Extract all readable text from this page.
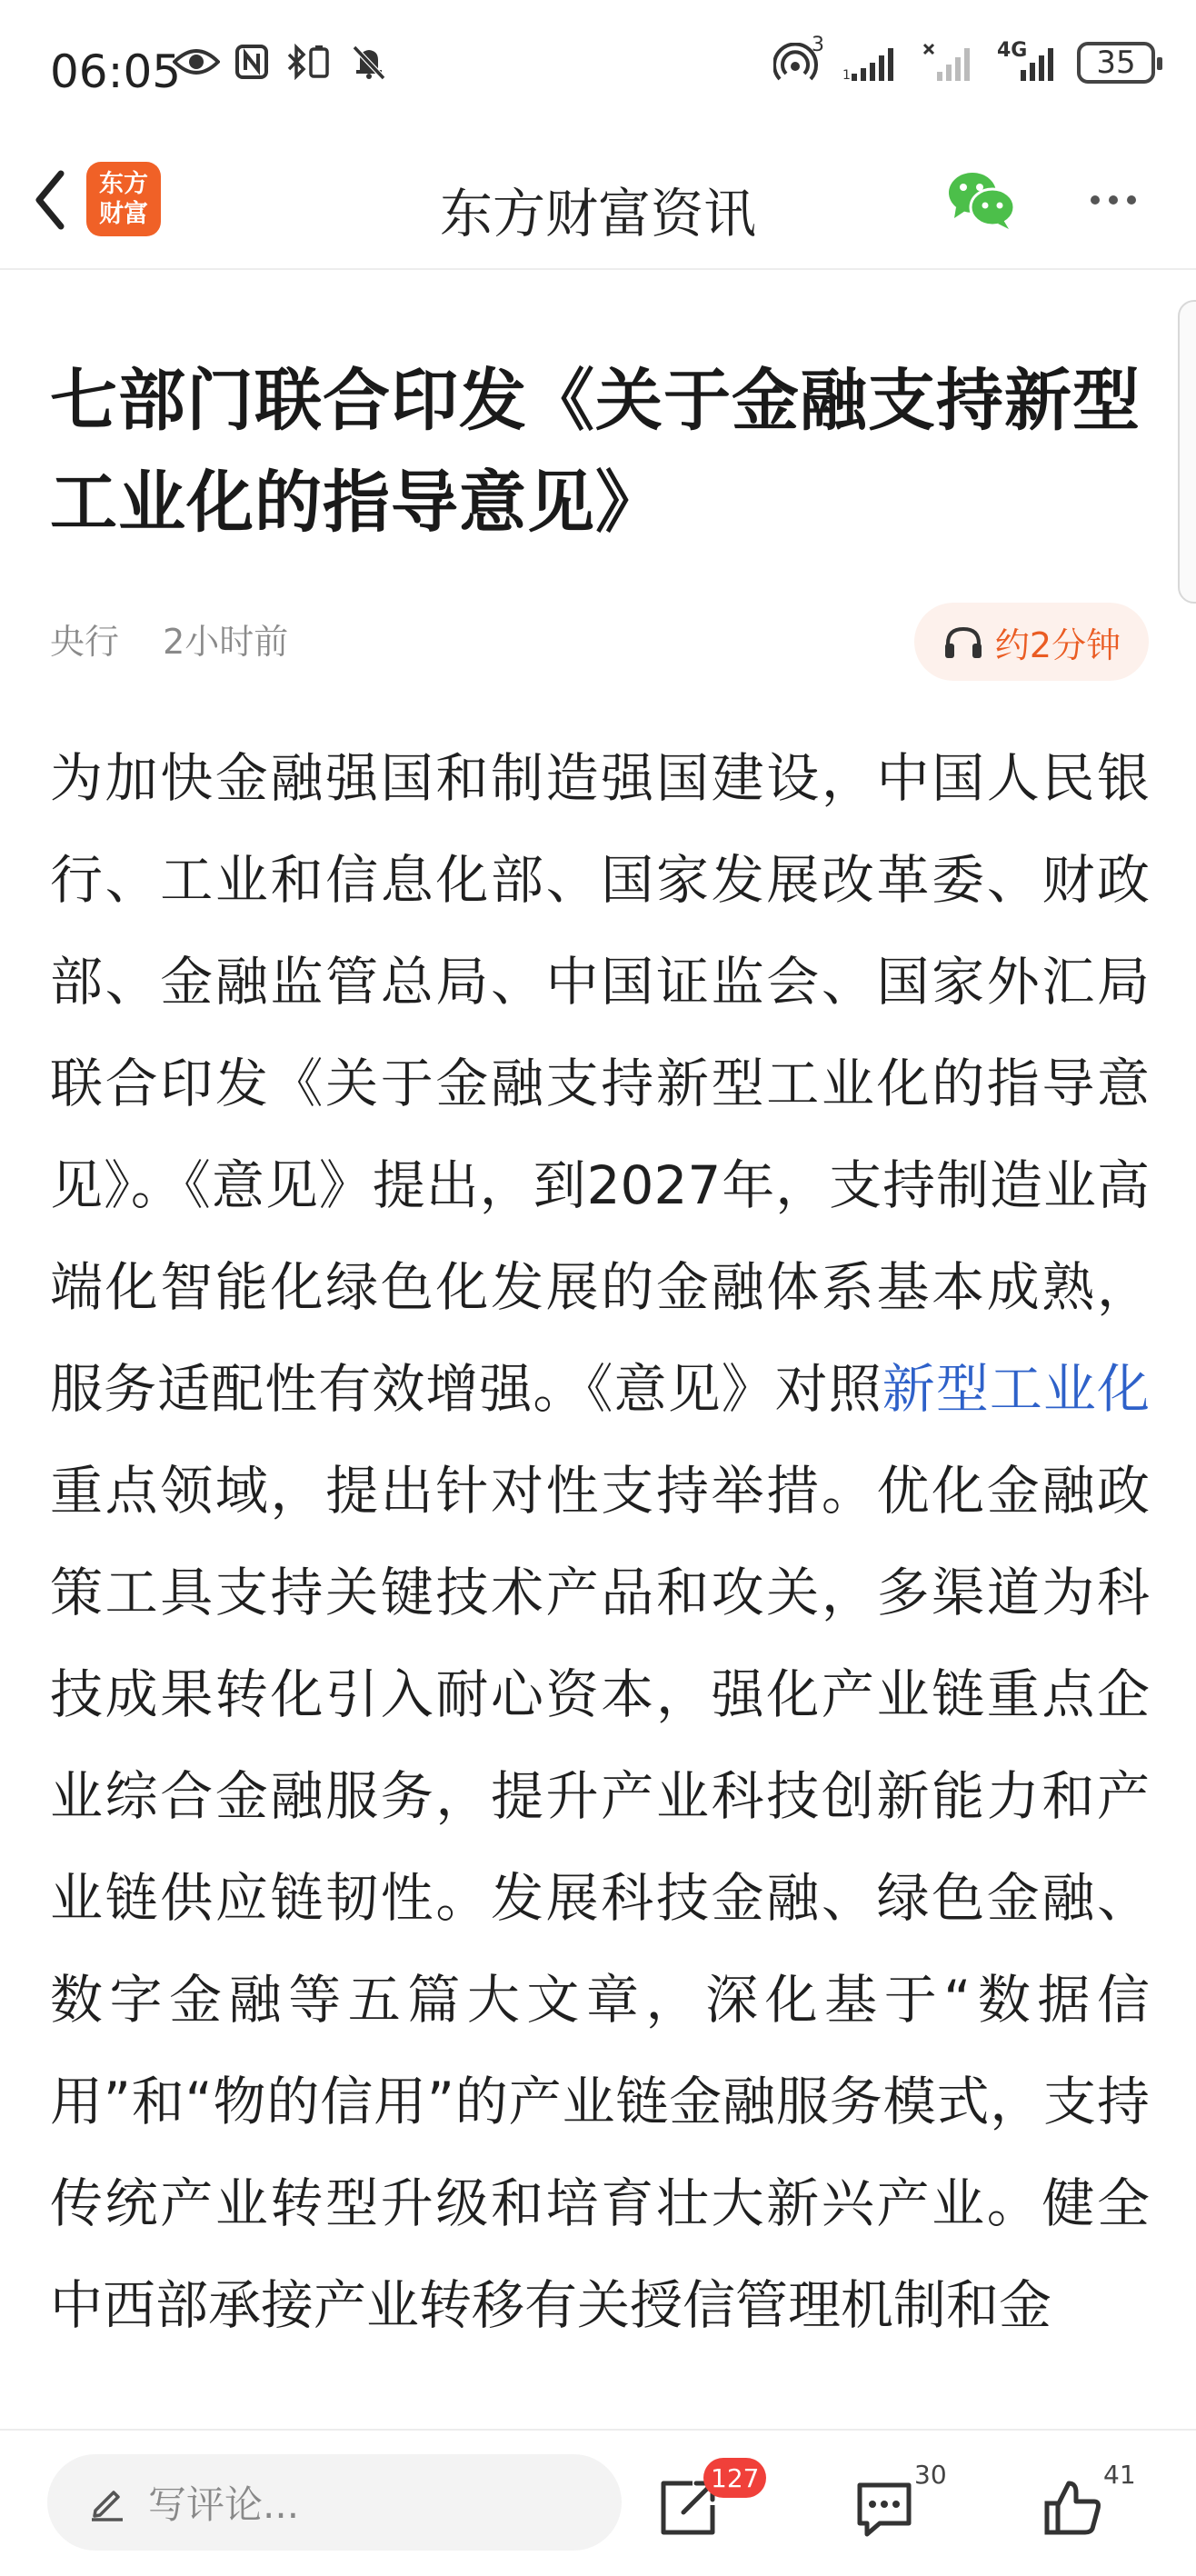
06:05
3
1
4G 35
东方
财富	东方财富资讯
七部门联合印发《关于金融支持新型工业化的指导意见》
央行 2小时前	约2分钟
为加快金融强国和制造强国建设，中国人民银行、工业和信息化部、国家发展改革委、财政部、金融监管总局、中国证监会、国家外汇局联合印发《关于金融支持新型工业化的指导意见》。《意见》提出，到2027年，支持制造业高端化智能化绿色化发展的金融体系基本成熟，服务适配性有效增强。《意见》对照新型工业化重点领域，提出针对性支持举措。优化金融政策工具支持关键技术产品和攻关，多渠道为科技成果转化引入耐心资本，强化产业链重点企业综合金融服务，提升产业科技创新能力和产业链供应链韧性。发展科技金融、绿色金融、数字金融等五篇大文章，深化基于“数据信用”和“物的信用”的产业链金融服务模式，支持传统产业转型升级和培育壮大新兴产业。健全中西部承接产业转移有关授信管理机制和金
写评论...
127	30	41
